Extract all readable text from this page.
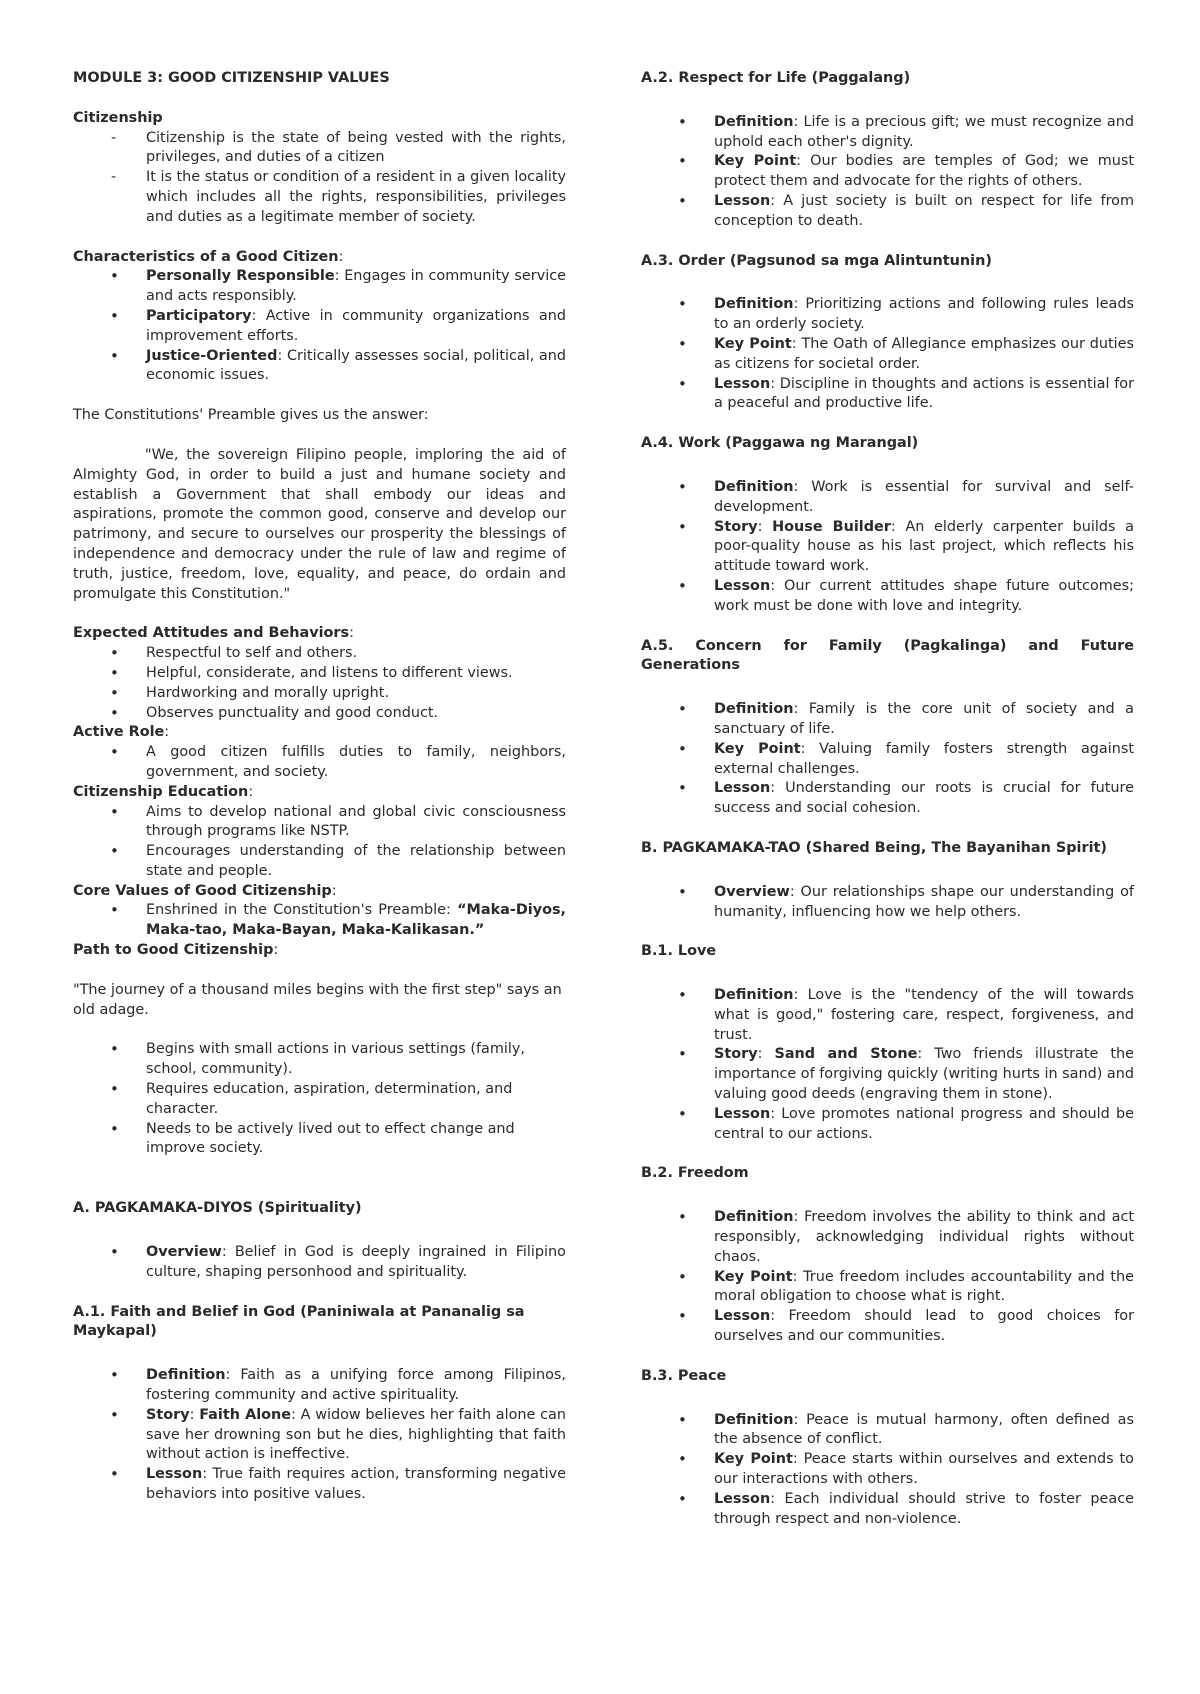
MODULE 3: GOOD CITIZENSHIP VALUES

Citizenship

- Citizenship is the state of being vested with the rights, privileges, and duties of a citizen
- It is the status or condition of a resident in a given locality which includes all the rights, responsibilities, privileges and duties as a legitimate member of society.

Characteristics of a Good Citizen:

• Personally Responsible: Engages in community service and acts responsibly.
• Participatory: Active in community organizations and improvement efforts.
• Justice-Oriented: Critically assesses social, political, and economic issues.

The Constitutions' Preamble gives us the answer:

"We, the sovereign Filipino people, imploring the aid of Almighty God, in order to build a just and humane society and establish a Government that shall embody our ideas and aspirations, promote the common good, conserve and develop our patrimony, and secure to ourselves our prosperity the blessings of independence and democracy under the rule of law and regime of truth, justice, freedom, love, equality, and peace, do ordain and promulgate this Constitution."

Expected Attitudes and Behaviors:

• Respectful to self and others.
• Helpful, considerate, and listens to different views.
• Hardworking and morally upright.
• Observes punctuality and good conduct.

Active Role:

• A good citizen fulfills duties to family, neighbors, government, and society.

Citizenship Education:

• Aims to develop national and global civic consciousness through programs like NSTP.
• Encourages understanding of the relationship between state and people.

Core Values of Good Citizenship:

• Enshrined in the Constitution's Preamble: “Maka-Diyos, Maka-tao, Maka-Bayan, Maka-Kalikasan.”

Path to Good Citizenship:

"The journey of a thousand miles begins with the first step" says an old adage.

• Begins with small actions in various settings (family, school, community).
• Requires education, aspiration, determination, and character.
• Needs to be actively lived out to effect change and improve society.

A. PAGKAMAKA-DIYOS (Spirituality)

• Overview: Belief in God is deeply ingrained in Filipino culture, shaping personhood and spirituality.

A.1. Faith and Belief in God (Paniniwala at Pananalig sa Maykapal)

• Definition: Faith as a unifying force among Filipinos, fostering community and active spirituality.
• Story: Faith Alone: A widow believes her faith alone can save her drowning son but he dies, highlighting that faith without action is ineffective.
• Lesson: True faith requires action, transforming negative behaviors into positive values.

A.2. Respect for Life (Paggalang)

• Definition: Life is a precious gift; we must recognize and uphold each other's dignity.
• Key Point: Our bodies are temples of God; we must protect them and advocate for the rights of others.
• Lesson: A just society is built on respect for life from conception to death.

A.3. Order (Pagsunod sa mga Alintuntunin)

• Definition: Prioritizing actions and following rules leads to an orderly society.
• Key Point: The Oath of Allegiance emphasizes our duties as citizens for societal order.
• Lesson: Discipline in thoughts and actions is essential for a peaceful and productive life.

A.4. Work (Paggawa ng Marangal)

• Definition: Work is essential for survival and self-development.
• Story: House Builder: An elderly carpenter builds a poor-quality house as his last project, which reflects his attitude toward work.
• Lesson: Our current attitudes shape future outcomes; work must be done with love and integrity.

A.5. Concern for Family (Pagkalinga) and Future Generations

• Definition: Family is the core unit of society and a sanctuary of life.
• Key Point: Valuing family fosters strength against external challenges.
• Lesson: Understanding our roots is crucial for future success and social cohesion.

B. PAGKAMAKA-TAO (Shared Being, The Bayanihan Spirit)

• Overview: Our relationships shape our understanding of humanity, influencing how we help others.

B.1. Love

• Definition: Love is the "tendency of the will towards what is good," fostering care, respect, forgiveness, and trust.
• Story: Sand and Stone: Two friends illustrate the importance of forgiving quickly (writing hurts in sand) and valuing good deeds (engraving them in stone).
• Lesson: Love promotes national progress and should be central to our actions.

B.2. Freedom

• Definition: Freedom involves the ability to think and act responsibly, acknowledging individual rights without chaos.
• Key Point: True freedom includes accountability and the moral obligation to choose what is right.
• Lesson: Freedom should lead to good choices for ourselves and our communities.

B.3. Peace

• Definition: Peace is mutual harmony, often defined as the absence of conflict.
• Key Point: Peace starts within ourselves and extends to our interactions with others.
• Lesson: Each individual should strive to foster peace through respect and non-violence.
